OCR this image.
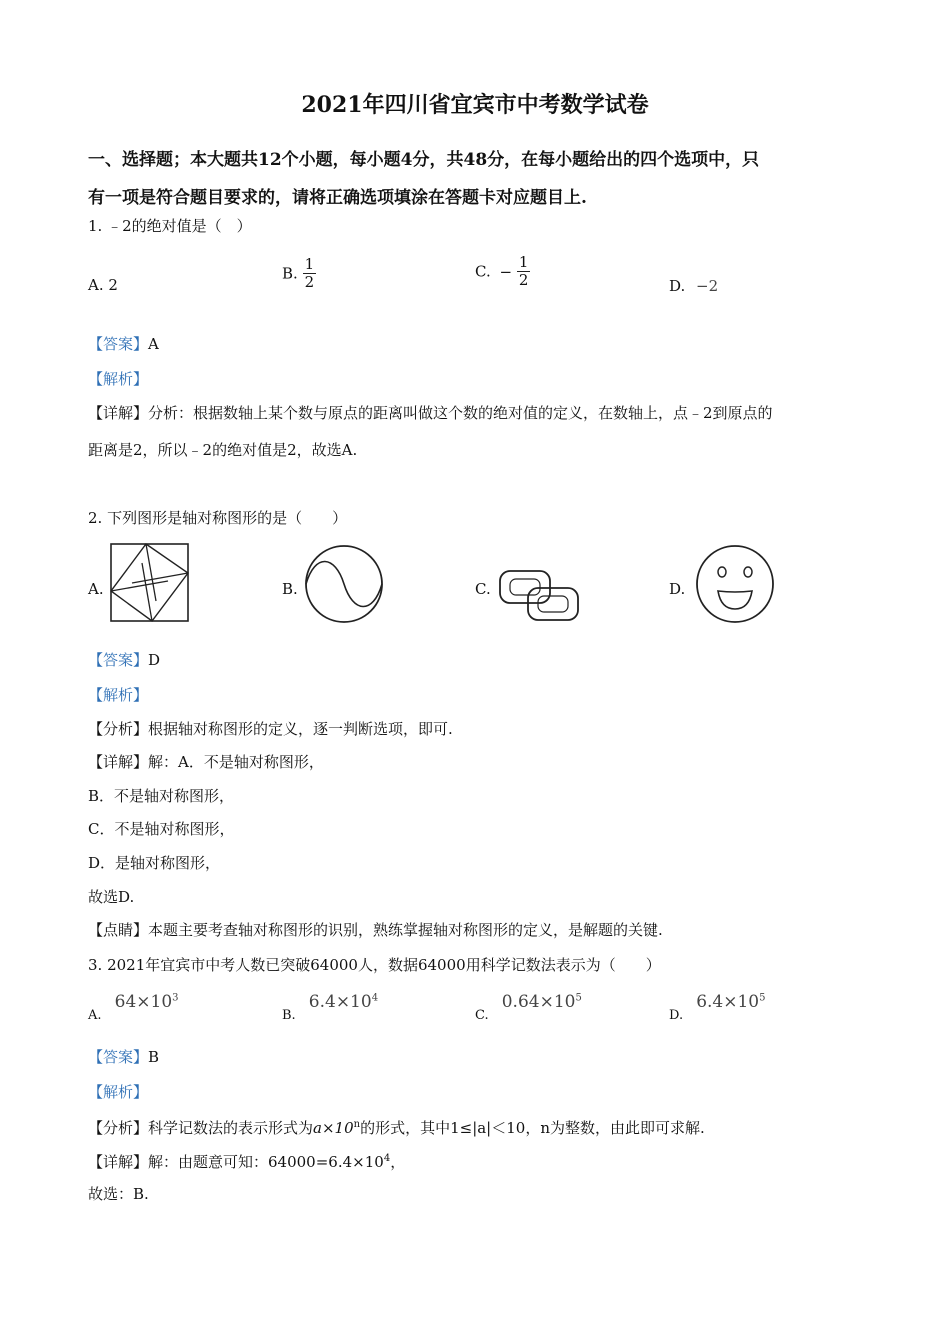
2021年四川省宜宾市中考数学试卷
一、选择题；本大题共12个小题，每小题4分，共48分，在每小题给出的四个选项中，只
有一项是符合题目要求的，请将正确选项填涂在答题卡对应题目上.
1. ﹣2的绝对值是（　）
A. 2
B. $\frac{1}{2}$	C. − $\frac{1}{2}$	D. −2
【答案】A
【解析】
【详解】分析：根据数轴上某个数与原点的距离叫做这个数的绝对值的定义，在数轴上，点﹣2到原点的
距离是2，所以﹣2的绝对值是2，故选A.
2. 下列图形是轴对称图形的是（　　）
A.	B.	C.	D.
【答案】D
【解析】
【分析】根据轴对称图形的定义，逐一判断选项，即可.
【详解】解：A．不是轴对称图形，
B．不是轴对称图形，
C．不是轴对称图形，
D．是轴对称图形，
故选D.
【点睛】本题主要考查轴对称图形的识别，熟练掌握轴对称图形的定义，是解题的关键.
3. 2021年宜宾市中考人数已突破64000人，数据64000用科学记数法表示为（　　）
$_{A.}$ $64\times 10^3$
$_{B.}$ $6.4\times 10^4$
$_{C.}$ $0.64\times 10^5$
$_{D.}$ $6.4\times 10^5$
【答案】B
【解析】
【分析】科学记数法的表示形式为$a\times 10^n$的形式，其中1≤|a|＜10，n为整数，由此即可求解.
【详解】解：由题意可知：$64000=6.4\times 10^4$，
故选：B.
